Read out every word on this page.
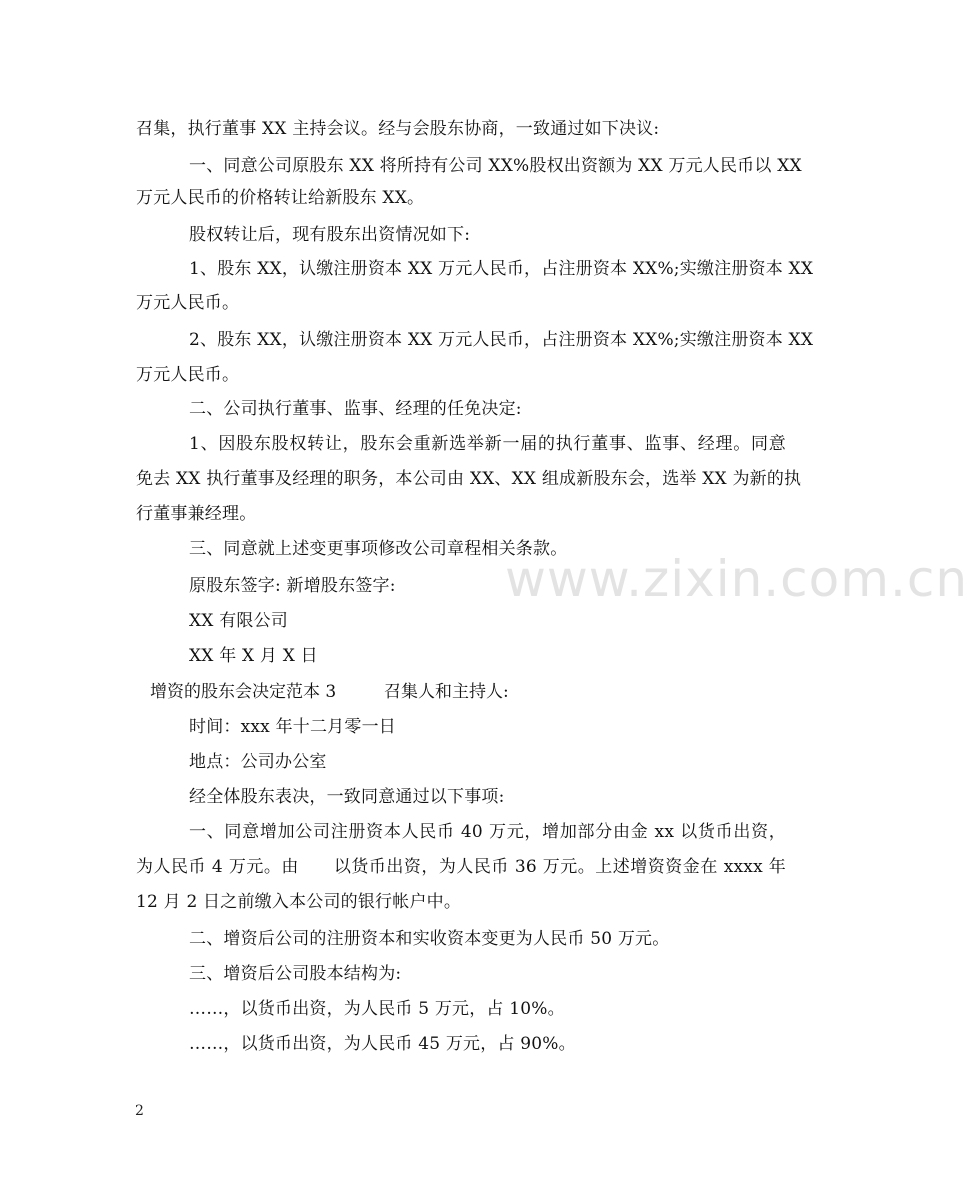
www.zixin.com.cn
召集，执行董事 XX 主持会议。经与会股东协商，一致通过如下决议:
一、同意公司原股东 XX 将所持有公司 XX%股权出资额为 XX 万元人民币以 XX
万元人民币的价格转让给新股东 XX。
股权转让后，现有股东出资情况如下:
1、股东 XX，认缴注册资本 XX 万元人民币，占注册资本 XX%;实缴注册资本 XX
万元人民币。
2、股东 XX，认缴注册资本 XX 万元人民币，占注册资本 XX%;实缴注册资本 XX
万元人民币。
二、公司执行董事、监事、经理的任免决定:
1、因股东股权转让，股东会重新选举新一届的执行董事、监事、经理。同意
免去 XX 执行董事及经理的职务，本公司由 XX、XX 组成新股东会，选举 XX 为新的执
行董事兼经理。
三、同意就上述变更事项修改公司章程相关条款。
原股东签字: 新增股东签字:
XX 有限公司
XX 年 X 月 X 日
增资的股东会决定范本 3	召集人和主持人:
时间：xxx 年十二月零一日
地点：公司办公室
经全体股东表决，一致同意通过以下事项:
一、同意增加公司注册资本人民币 40 万元，增加部分由金 xx 以货币出资，
为人民币 4 万元。由　　以货币出资，为人民币 36 万元。上述增资资金在 xxxx 年
12 月 2 日之前缴入本公司的银行帐户中。
二、增资后公司的注册资本和实收资本变更为人民币 50 万元。
三、增资后公司股本结构为:
……，以货币出资，为人民币 5 万元，占 10%。
……，以货币出资，为人民币 45 万元，占 90%。
2
